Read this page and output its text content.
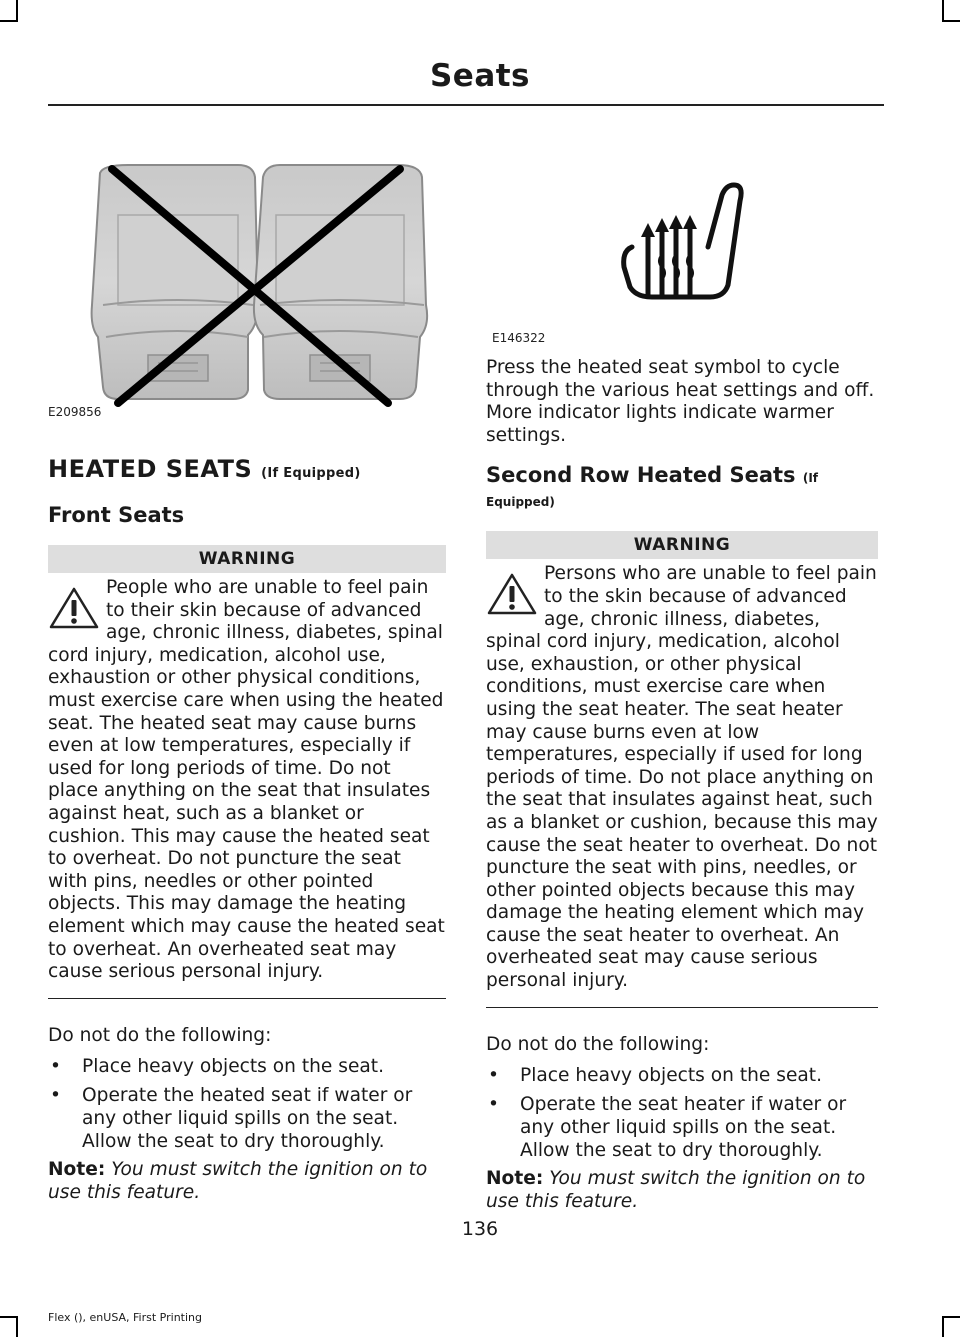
Seats
E209856

HEATED SEATS (If Equipped)

Front Seats

WARNING

People who are unable to feel pain to their skin because of advanced age, chronic illness, diabetes, spinal cord injury, medication, alcohol use, exhaustion or other physical conditions, must exercise care when using the heated seat. The heated seat may cause burns even at low temperatures, especially if used for long periods of time. Do not place anything on the seat that insulates against heat, such as a blanket or cushion. This may cause the heated seat to overheat. Do not puncture the seat with pins, needles or other pointed objects. This may damage the heating element which may cause the heated seat to overheat. An overheated seat may cause serious personal injury.

Do not do the following:

• Place heavy objects on the seat.
• Operate the heated seat if water or any other liquid spills on the seat. Allow the seat to dry thoroughly.

Note: You must switch the ignition on to use this feature.

E146322

Press the heated seat symbol to cycle through the various heat settings and off. More indicator lights indicate warmer settings.

Second Row Heated Seats (If Equipped)

WARNING

Persons who are unable to feel pain to the skin because of advanced age, chronic illness, diabetes, spinal cord injury, medication, alcohol use, exhaustion, or other physical conditions, must exercise care when using the seat heater. The seat heater may cause burns even at low temperatures, especially if used for long periods of time. Do not place anything on the seat that insulates against heat, such as a blanket or cushion, because this may cause the seat heater to overheat. Do not puncture the seat with pins, needles, or other pointed objects because this may damage the heating element which may cause the seat heater to overheat. An overheated seat may cause serious personal injury.

Do not do the following:

• Place heavy objects on the seat.
• Operate the seat heater if water or any other liquid spills on the seat. Allow the seat to dry thoroughly.

Note: You must switch the ignition on to use this feature.

136
Flex (), enUSA, First Printing
